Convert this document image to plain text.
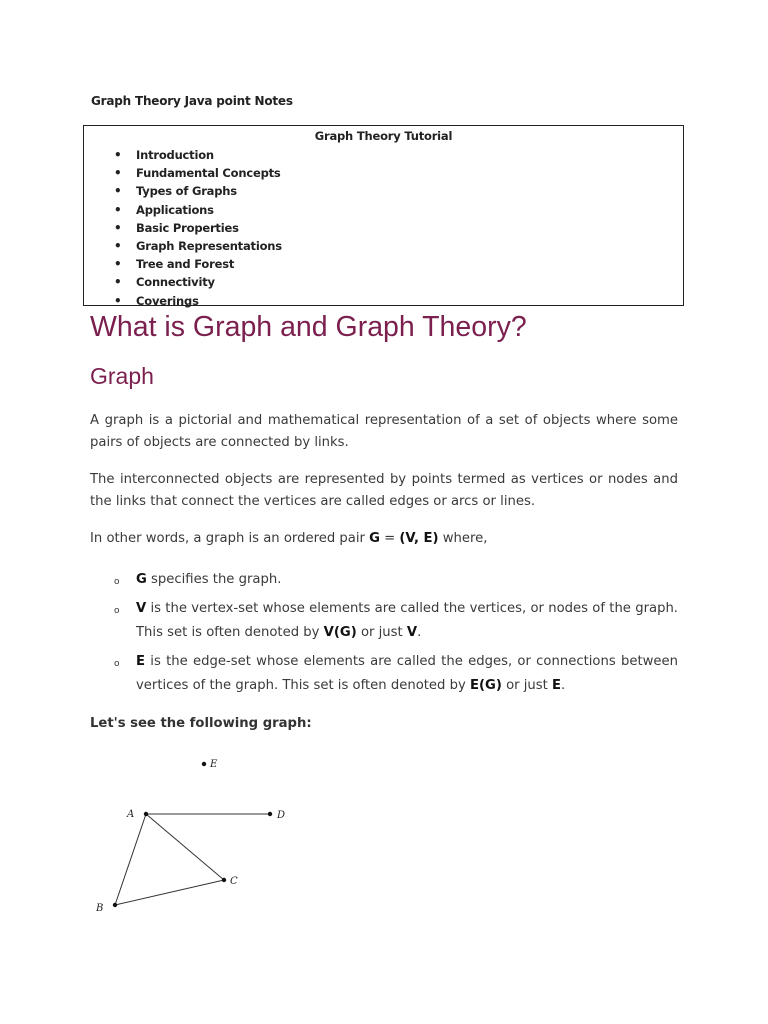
Graph Theory Java point Notes
Graph Theory Tutorial
• Introduction
• Fundamental Concepts
• Types of Graphs
• Applications
• Basic Properties
• Graph Representations
• Tree and Forest
• Connectivity
• Coverings
What is Graph and Graph Theory?
Graph

A graph is a pictorial and mathematical representation of a set of objects where some pairs of objects are connected by links.

The interconnected objects are represented by points termed as vertices or nodes and the links that connect the vertices are called edges or arcs or lines.

In other words, a graph is an ordered pair G = (V, E) where,

o G specifies the graph.
o V is the vertex-set whose elements are called the vertices, or nodes of the graph. This set is often denoted by V(G) or just V.
o E is the edge-set whose elements are called the edges, or connections between vertices of the graph. This set is often denoted by E(G) or just E.

Let's see the following graph:

A
B
C
D
E
